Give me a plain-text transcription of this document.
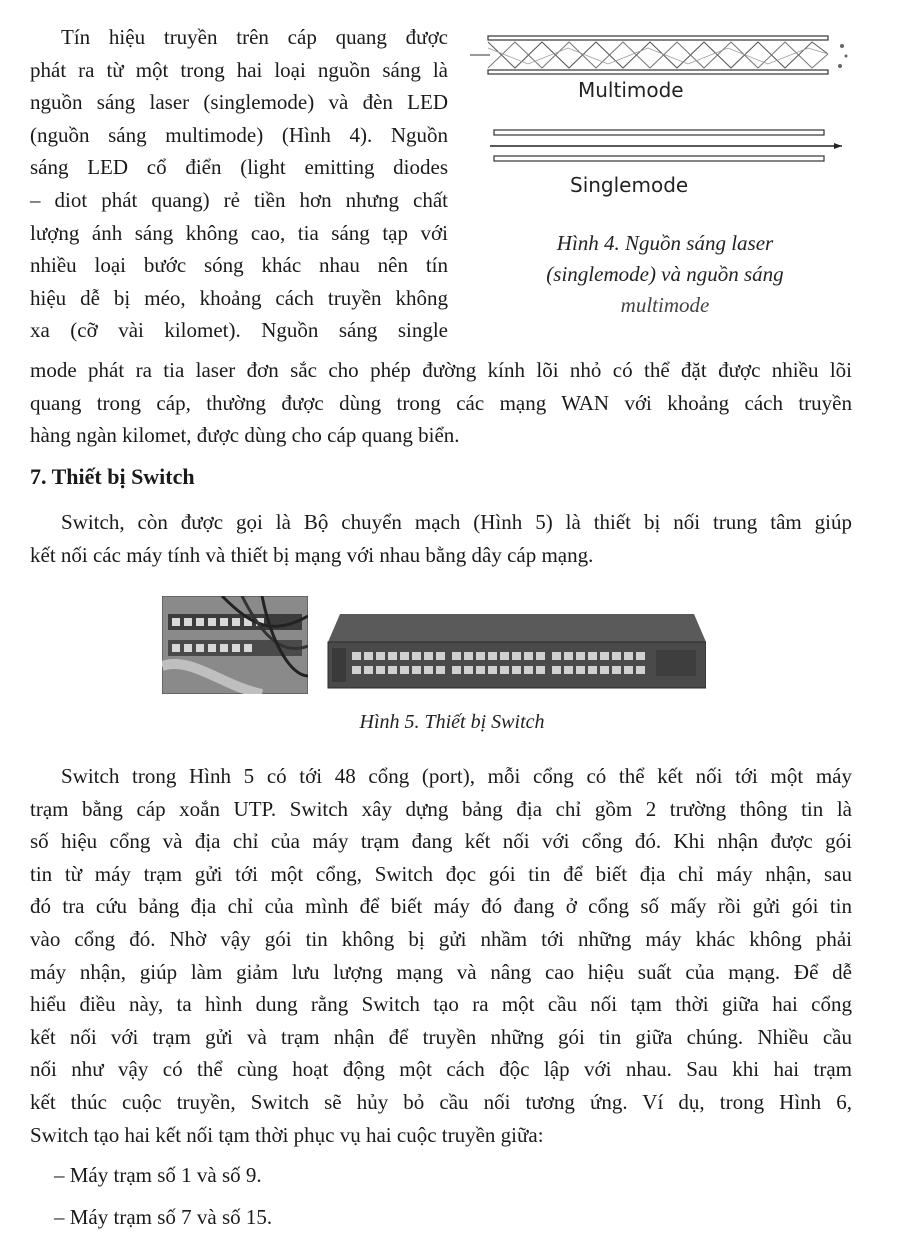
Tín hiệu truyền trên cáp quang được
phát ra từ một trong hai loại nguồn sáng là
nguồn sáng laser (singlemode) và đèn LED
(nguồn sáng multimode) (Hình 4). Nguồn
sáng LED cổ điển (light emitting diodes
– diot phát quang) rẻ tiền hơn nhưng chất
lượng ánh sáng không cao, tia sáng tạp với
nhiều loại bước sóng khác nhau nên tín
hiệu dễ bị méo, khoảng cách truyền không
xa (cỡ vài kilomet). Nguồn sáng single
Multimode
Singlemode
Hình 4. Nguồn sáng laser
(singlemode) và nguồn sáng
multimode
mode phát ra tia laser đơn sắc cho phép đường kính lõi nhỏ có thể đặt được nhiều lõi
quang trong cáp, thường được dùng trong các mạng WAN với khoảng cách truyền
hàng ngàn kilomet, được dùng cho cáp quang biển.
7. Thiết bị Switch
Switch, còn được gọi là Bộ chuyển mạch (Hình 5) là thiết bị nối trung tâm giúp
kết nối các máy tính và thiết bị mạng với nhau bằng dây cáp mạng.
Hình 5. Thiết bị Switch
Switch trong Hình 5 có tới 48 cổng (port), mỗi cổng có thể kết nối tới một máy
trạm bằng cáp xoắn UTP. Switch xây dựng bảng địa chỉ gồm 2 trường thông tin là
số hiệu cổng và địa chỉ của máy trạm đang kết nối với cổng đó. Khi nhận được gói
tin từ máy trạm gửi tới một cổng, Switch đọc gói tin để biết địa chỉ máy nhận, sau
đó tra cứu bảng địa chỉ của mình để biết máy đó đang ở cổng số mấy rồi gửi gói tin
vào cổng đó. Nhờ vậy gói tin không bị gửi nhầm tới những máy khác không phải
máy nhận, giúp làm giảm lưu lượng mạng và nâng cao hiệu suất của mạng. Để dễ
hiểu điều này, ta hình dung rằng Switch tạo ra một cầu nối tạm thời giữa hai cổng
kết nối với trạm gửi và trạm nhận để truyền những gói tin giữa chúng. Nhiều cầu
nối như vậy có thể cùng hoạt động một cách độc lập với nhau. Sau khi hai trạm
kết thúc cuộc truyền, Switch sẽ hủy bỏ cầu nối tương ứng. Ví dụ, trong Hình 6,
Switch tạo hai kết nối tạm thời phục vụ hai cuộc truyền giữa:
– Máy trạm số 1 và số 9.
– Máy trạm số 7 và số 15.
